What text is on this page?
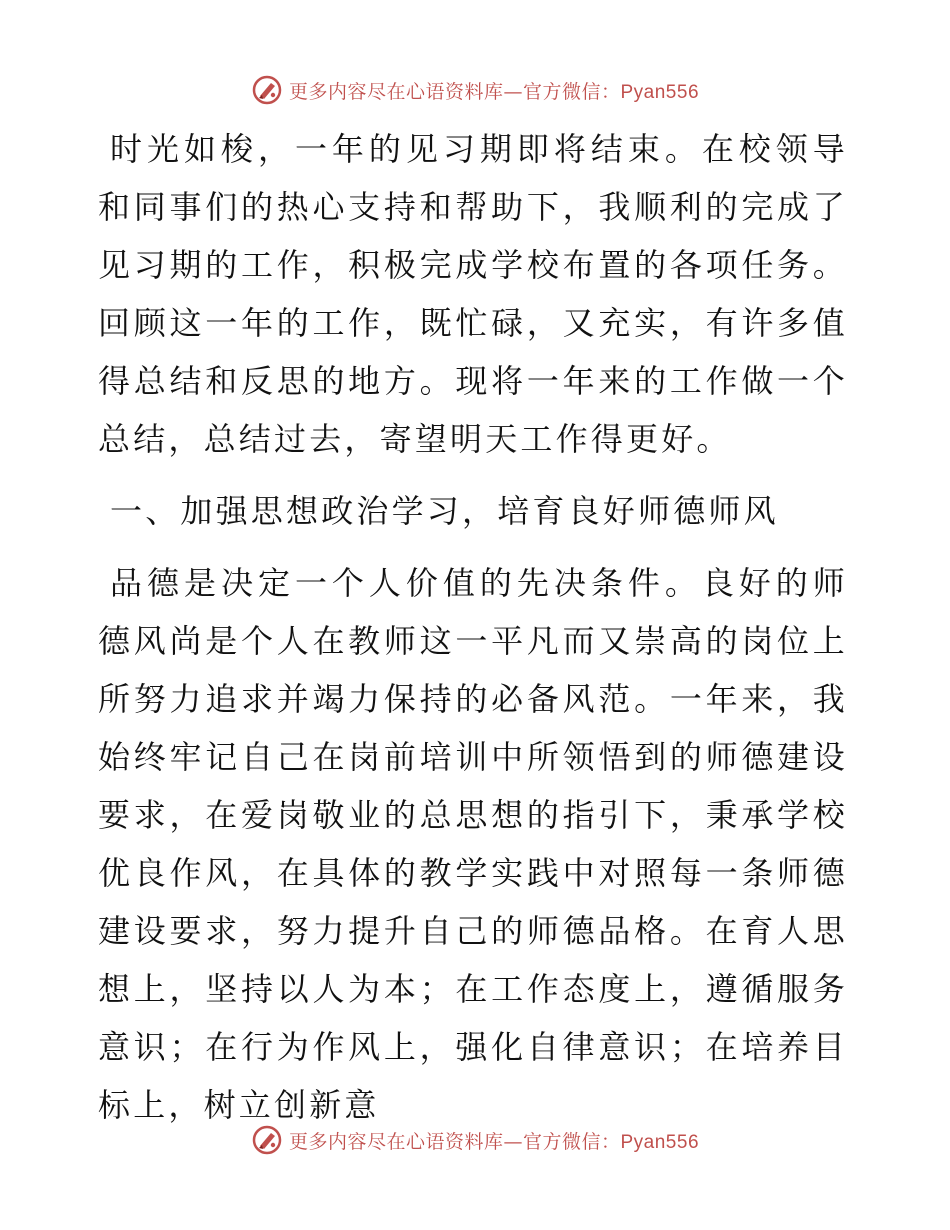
更多内容尽在心语资料库—官方微信：Pyan556

时光如梭，一年的见习期即将结束。在校领导和同事们的热心支持和帮助下，我顺利的完成了见习期的工作，积极完成学校布置的各项任务。回顾这一年的工作，既忙碌，又充实，有许多值得总结和反思的地方。现将一年来的工作做一个总结，总结过去，寄望明天工作得更好。

一、加强思想政治学习，培育良好师德师风

品德是决定一个人价值的先决条件。良好的师德风尚是个人在教师这一平凡而又崇高的岗位上所努力追求并竭力保持的必备风范。一年来，我始终牢记自己在岗前培训中所领悟到的师德建设要求，在爱岗敬业的总思想的指引下，秉承学校优良作风，在具体的教学实践中对照每一条师德建设要求，努力提升自己的师德品格。在育人思想上，坚持以人为本；在工作态度上，遵循服务意识；在行为作风上，强化自律意识；在培养目标上，树立创新意

更多内容尽在心语资料库—官方微信：Pyan556
